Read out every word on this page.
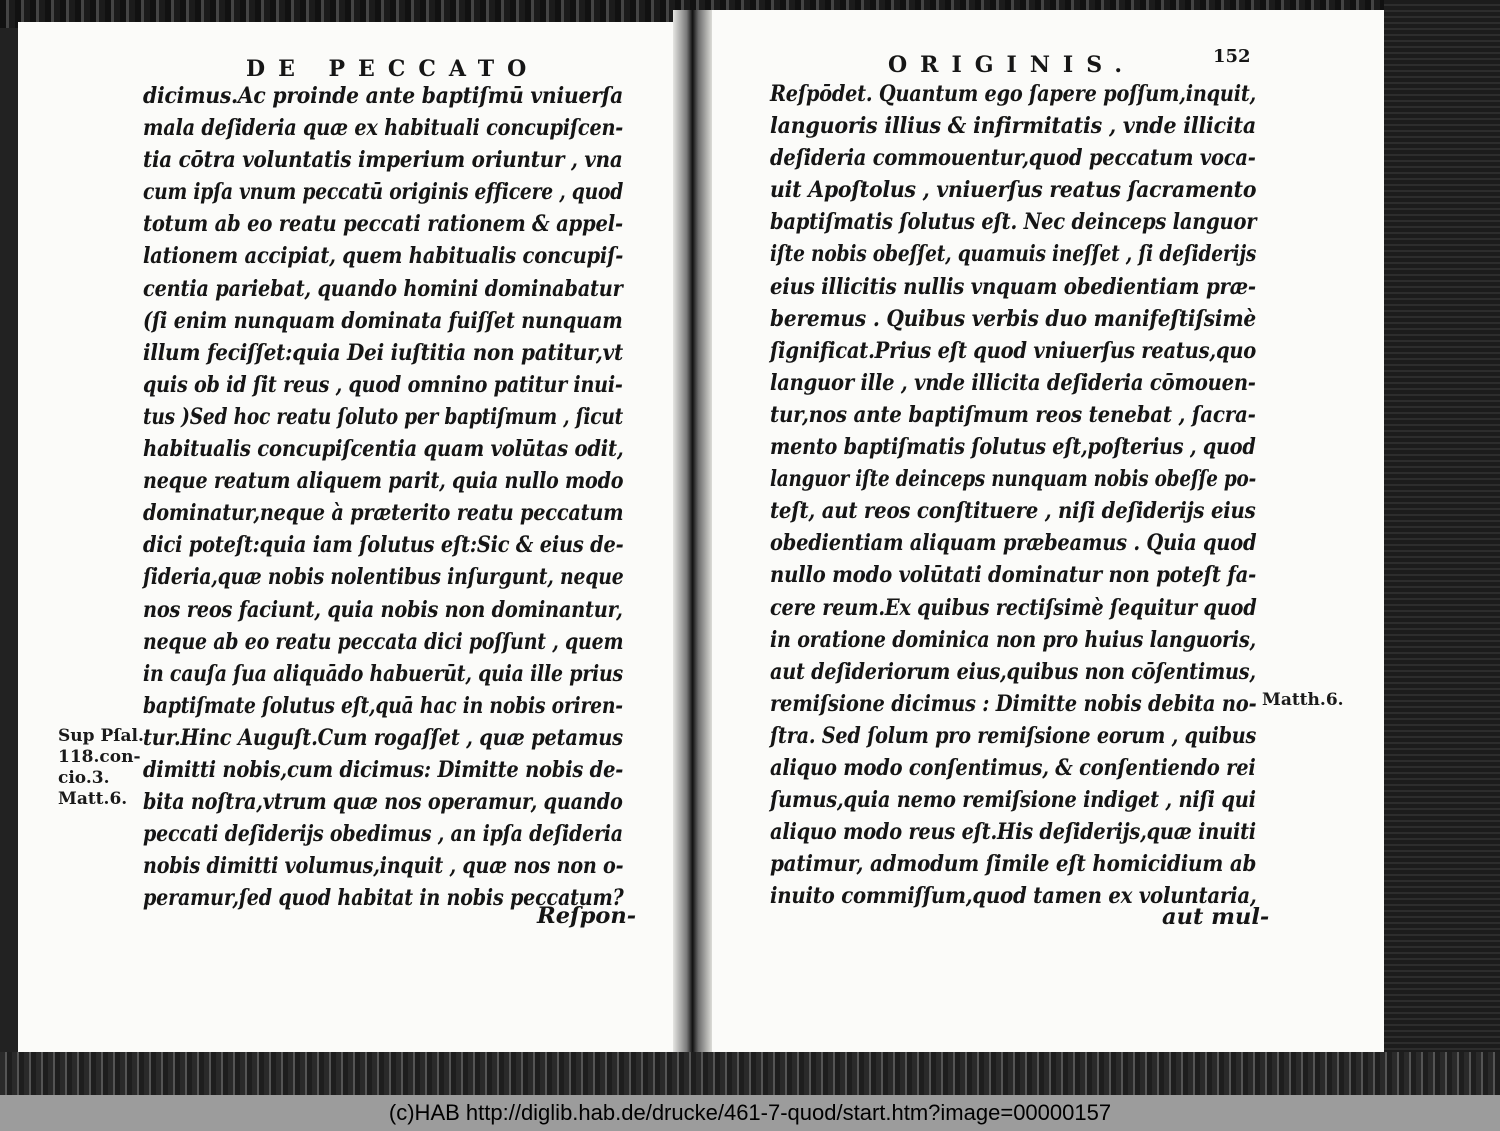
DE PECCATO	ORIGINIS.	152
dicimus.Ac proinde ante baptiſmū vniuerſa
mala deſideria quæ ex habituali concupiſcen-
tia cōtra voluntatis imperium oriuntur , vna
cum ipſa vnum peccatū originis efficere , quod
totum ab eo reatu peccati rationem & appel-
lationem accipiat, quem habitualis concupiſ-
centia pariebat, quando homini dominabatur
(ſi enim nunquam dominata fuiſſet nunquam
illum feciſſet:quia Dei iuſtitia non patitur,vt
quis ob id ſit reus , quod omnino patitur inui-
tus )Sed hoc reatu ſoluto per baptiſmum , ſicut
habitualis concupiſcentia quam volūtas odit,
neque reatum aliquem parit, quia nullo modo
dominatur,neque à præterito reatu peccatum
dici poteſt:quia iam ſolutus eſt:Sic & eius de-
ſideria,quæ nobis nolentibus inſurgunt, neque
nos reos faciunt, quia nobis non dominantur,
neque ab eo reatu peccata dici poſſunt , quem
in cauſa ſua aliquādo habuerūt, quia ille prius
baptiſmate ſolutus eſt,quā hac in nobis oriren-
tur.Hinc Auguſt.Cum rogaſſet , quæ petamus
dimitti nobis,cum dicimus: Dimitte nobis de-
bita noſtra,vtrum quæ nos operamur, quando
peccati deſiderijs obedimus , an ipſa deſideria
nobis dimitti volumus,inquit , quæ nos non o-
peramur,ſed quod habitat in nobis peccatum?
Reſpōdet. Quantum ego ſapere poſſum,inquit,
languoris illius & infirmitatis , vnde illicita
deſideria commouentur,quod peccatum voca-
uit Apoſtolus , vniuerſus reatus ſacramento
baptiſmatis ſolutus eſt. Nec deinceps languor
iſte nobis obeſſet, quamuis ineſſet , ſi deſiderijs
eius illicitis nullis vnquam obedientiam præ-
beremus . Quibus verbis duo manifeſtiſsimè
ſignificat.Prius eſt quod vniuerſus reatus,quo
languor ille , vnde illicita deſideria cōmouen-
tur,nos ante baptiſmum reos tenebat , ſacra-
mento baptiſmatis ſolutus eſt,poſterius , quod
languor iſte deinceps nunquam nobis obeſſe po-
teſt, aut reos conſtituere , niſi deſiderijs eius
obedientiam aliquam præbeamus . Quia quod
nullo modo volūtati dominatur non poteſt fa-
cere reum.Ex quibus rectiſsimè ſequitur quod
in oratione dominica non pro huius languoris,
aut deſideriorum eius,quibus non cōſentimus,
remiſsione dicimus : Dimitte nobis debita no-
ſtra. Sed ſolum pro remiſsione eorum , quibus
aliquo modo conſentimus, & conſentiendo rei
ſumus,quia nemo remiſsione indiget , niſi qui
aliquo modo reus eſt.His deſiderijs,quæ inuiti
patimur, admodum ſimile eſt homicidium ab
inuito commiſſum,quod tamen ex voluntaria,
Reſpon-	aut mul-
Sup Pſal.
118.con-
cio.3.
Matt.6.
Matth.6.
(c)HAB http://diglib.hab.de/drucke/461-7-quod/start.htm?image=00000157
